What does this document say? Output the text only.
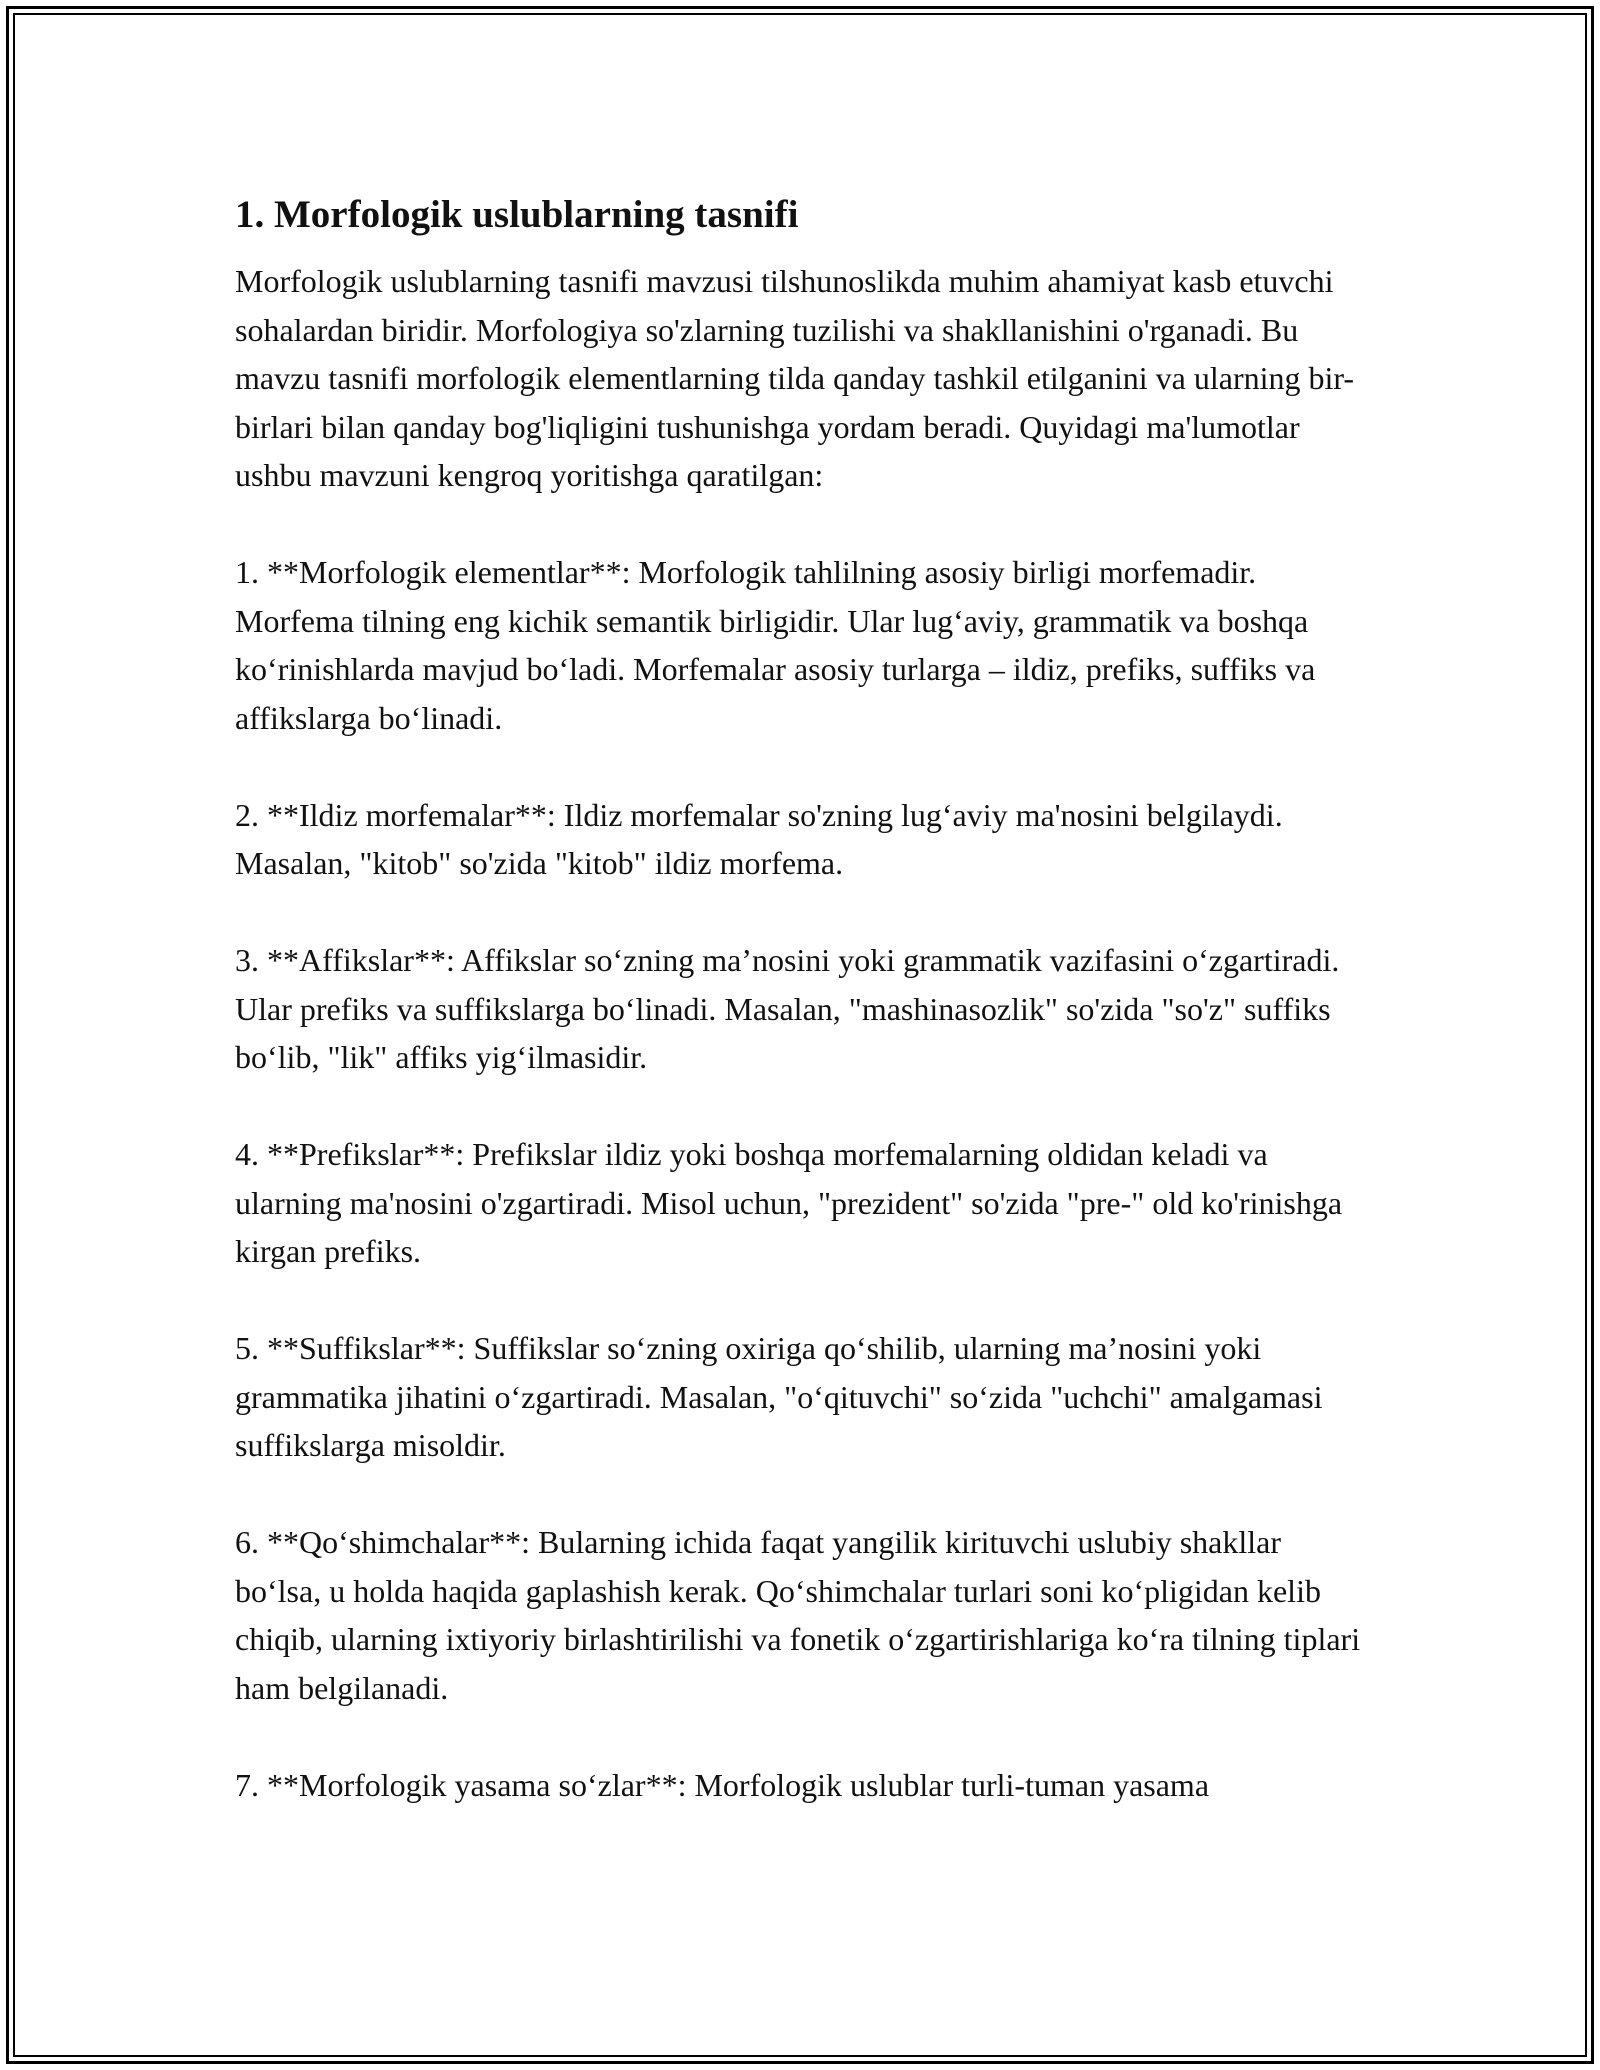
1. Morfologik uslublarning tasnifi

Morfologik uslublarning tasnifi mavzusi tilshunoslikda muhim ahamiyat kasb etuvchi sohalardan biridir. Morfologiya so'zlarning tuzilishi va shakllanishini o'rganadi. Bu mavzu tasnifi morfologik elementlarning tilda qanday tashkil etilganini va ularning bir-birlari bilan qanday bog'liqligini tushunishga yordam beradi. Quyidagi ma'lumotlar ushbu mavzuni kengroq yoritishga qaratilgan:

1. **Morfologik elementlar**: Morfologik tahlilning asosiy birligi morfemadir. Morfema tilning eng kichik semantik birligidir. Ular lug‘aviy, grammatik va boshqa ko‘rinishlarda mavjud bo‘ladi. Morfemalar asosiy turlarga – ildiz, prefiks, suffiks va affikslarga bo‘linadi.

2. **Ildiz morfemalar**: Ildiz morfemalar so'zning lug‘aviy ma'nosini belgilaydi. Masalan, "kitob" so'zida "kitob" ildiz morfema.

3. **Affikslar**: Affikslar so‘zning ma’nosini yoki grammatik vazifasini o‘zgartiradi. Ular prefiks va suffikslarga bo‘linadi. Masalan, "mashinasozlik" so'zida "so'z" suffiks bo‘lib, "lik" affiks yig‘ilmasidir.

4. **Prefikslar**: Prefikslar ildiz yoki boshqa morfemalarning oldidan keladi va ularning ma'nosini o'zgartiradi. Misol uchun, "prezident" so'zida "pre-" old ko'rinishga kirgan prefiks.

5. **Suffikslar**: Suffikslar so‘zning oxiriga qo‘shilib, ularning ma’nosini yoki grammatika jihatini o‘zgartiradi. Masalan, "o‘qituvchi" so‘zida "uchchi" amalgamasi suffikslarga misoldir.

6. **Qo‘shimchalar**: Bularning ichida faqat yangilik kirituvchi uslubiy shakllar bo‘lsa, u holda haqida gaplashish kerak. Qo‘shimchalar turlari soni ko‘pligidan kelib chiqib, ularning ixtiyoriy birlashtirilishi va fonetik o‘zgartirishlariga ko‘ra tilning tiplari ham belgilanadi.

7. **Morfologik yasama so‘zlar**: Morfologik uslublar turli-tuman yasama
